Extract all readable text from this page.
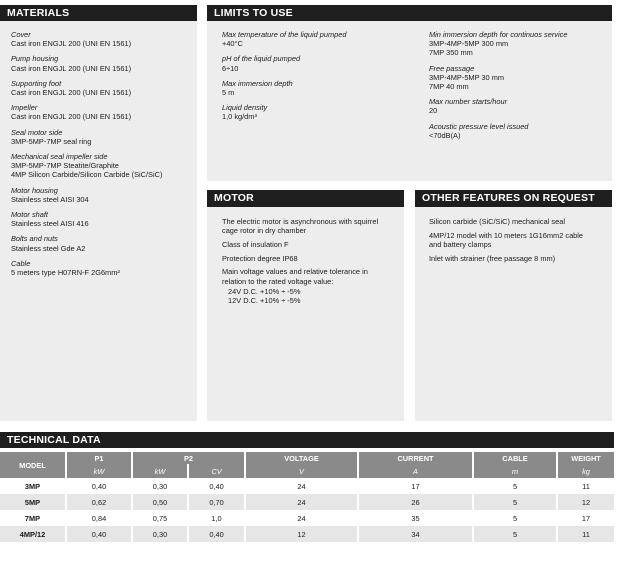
MATERIALS
Cover
Cast iron ENGJL 200 (UNI EN 1561)
Pump housing
Cast iron ENGJL 200 (UNI EN 1561)
Supporting foot
Cast iron ENGJL 200 (UNI EN 1561)
Impeller
Cast iron ENGJL 200 (UNI EN 1561)
Seal motor side
3MP-5MP-7MP seal ring
Mechanical seal impeller side
3MP-5MP-7MP Steatite/Graphite
4MP Silicon Carbide/Silicon Carbide (SiC/SiC)
Motor housing
Stainless steel AISI 304
Motor shaft
Stainless steel AISI 416
Bolts and nuts
Stainless steel Gde A2
Cable
5 meters type H07RN-F 2G6mm²
LIMITS TO USE
Max temperature of the liquid pumped
+40°C
pH of the liquid pumped
6÷10
Max immersion depth
5 m
Liquid density
1,0 kg/dm³
Min immersion depth for continuos service
3MP-4MP-5MP 300 mm
7MP 350 mm
Free passage
3MP-4MP-5MP 30 mm
7MP 40 mm
Max number starts/hour
20
Acoustic pressure level issued
<70dB(A)
MOTOR

The electric motor is asynchronous with squirrel
cage rotor in dry chamber

Class of insulation F

Protection degree IP68

Main voltage values and relative tolerance in
relation to the rated voltage value:

24V D.C. +10% ÷ -5%
12V D.C. +10% ÷ -5%
OTHER FEATURES ON REQUEST

Silicon carbide (SiC/SiC) mechanical seal

4MP/12 model with 10 meters 1G16mm2 cable
and battery clamps

Inlet with strainer (free passage 8 mm)

TECHNICAL DATA
MODEL	P1	P2		VOLTAGE	CURRENT	CABLE	WEIGHT
	kW	kW	CV	V	A	m	kg
3MP	0,40	0,30	0,40	24	17	5	11
5MP	0,62	0,50	0,70	24	26	5	12
7MP	0,84	0,75	1,0	24	35	5	17
4MP/12	0,40	0,30	0,40	12	34	5	11
